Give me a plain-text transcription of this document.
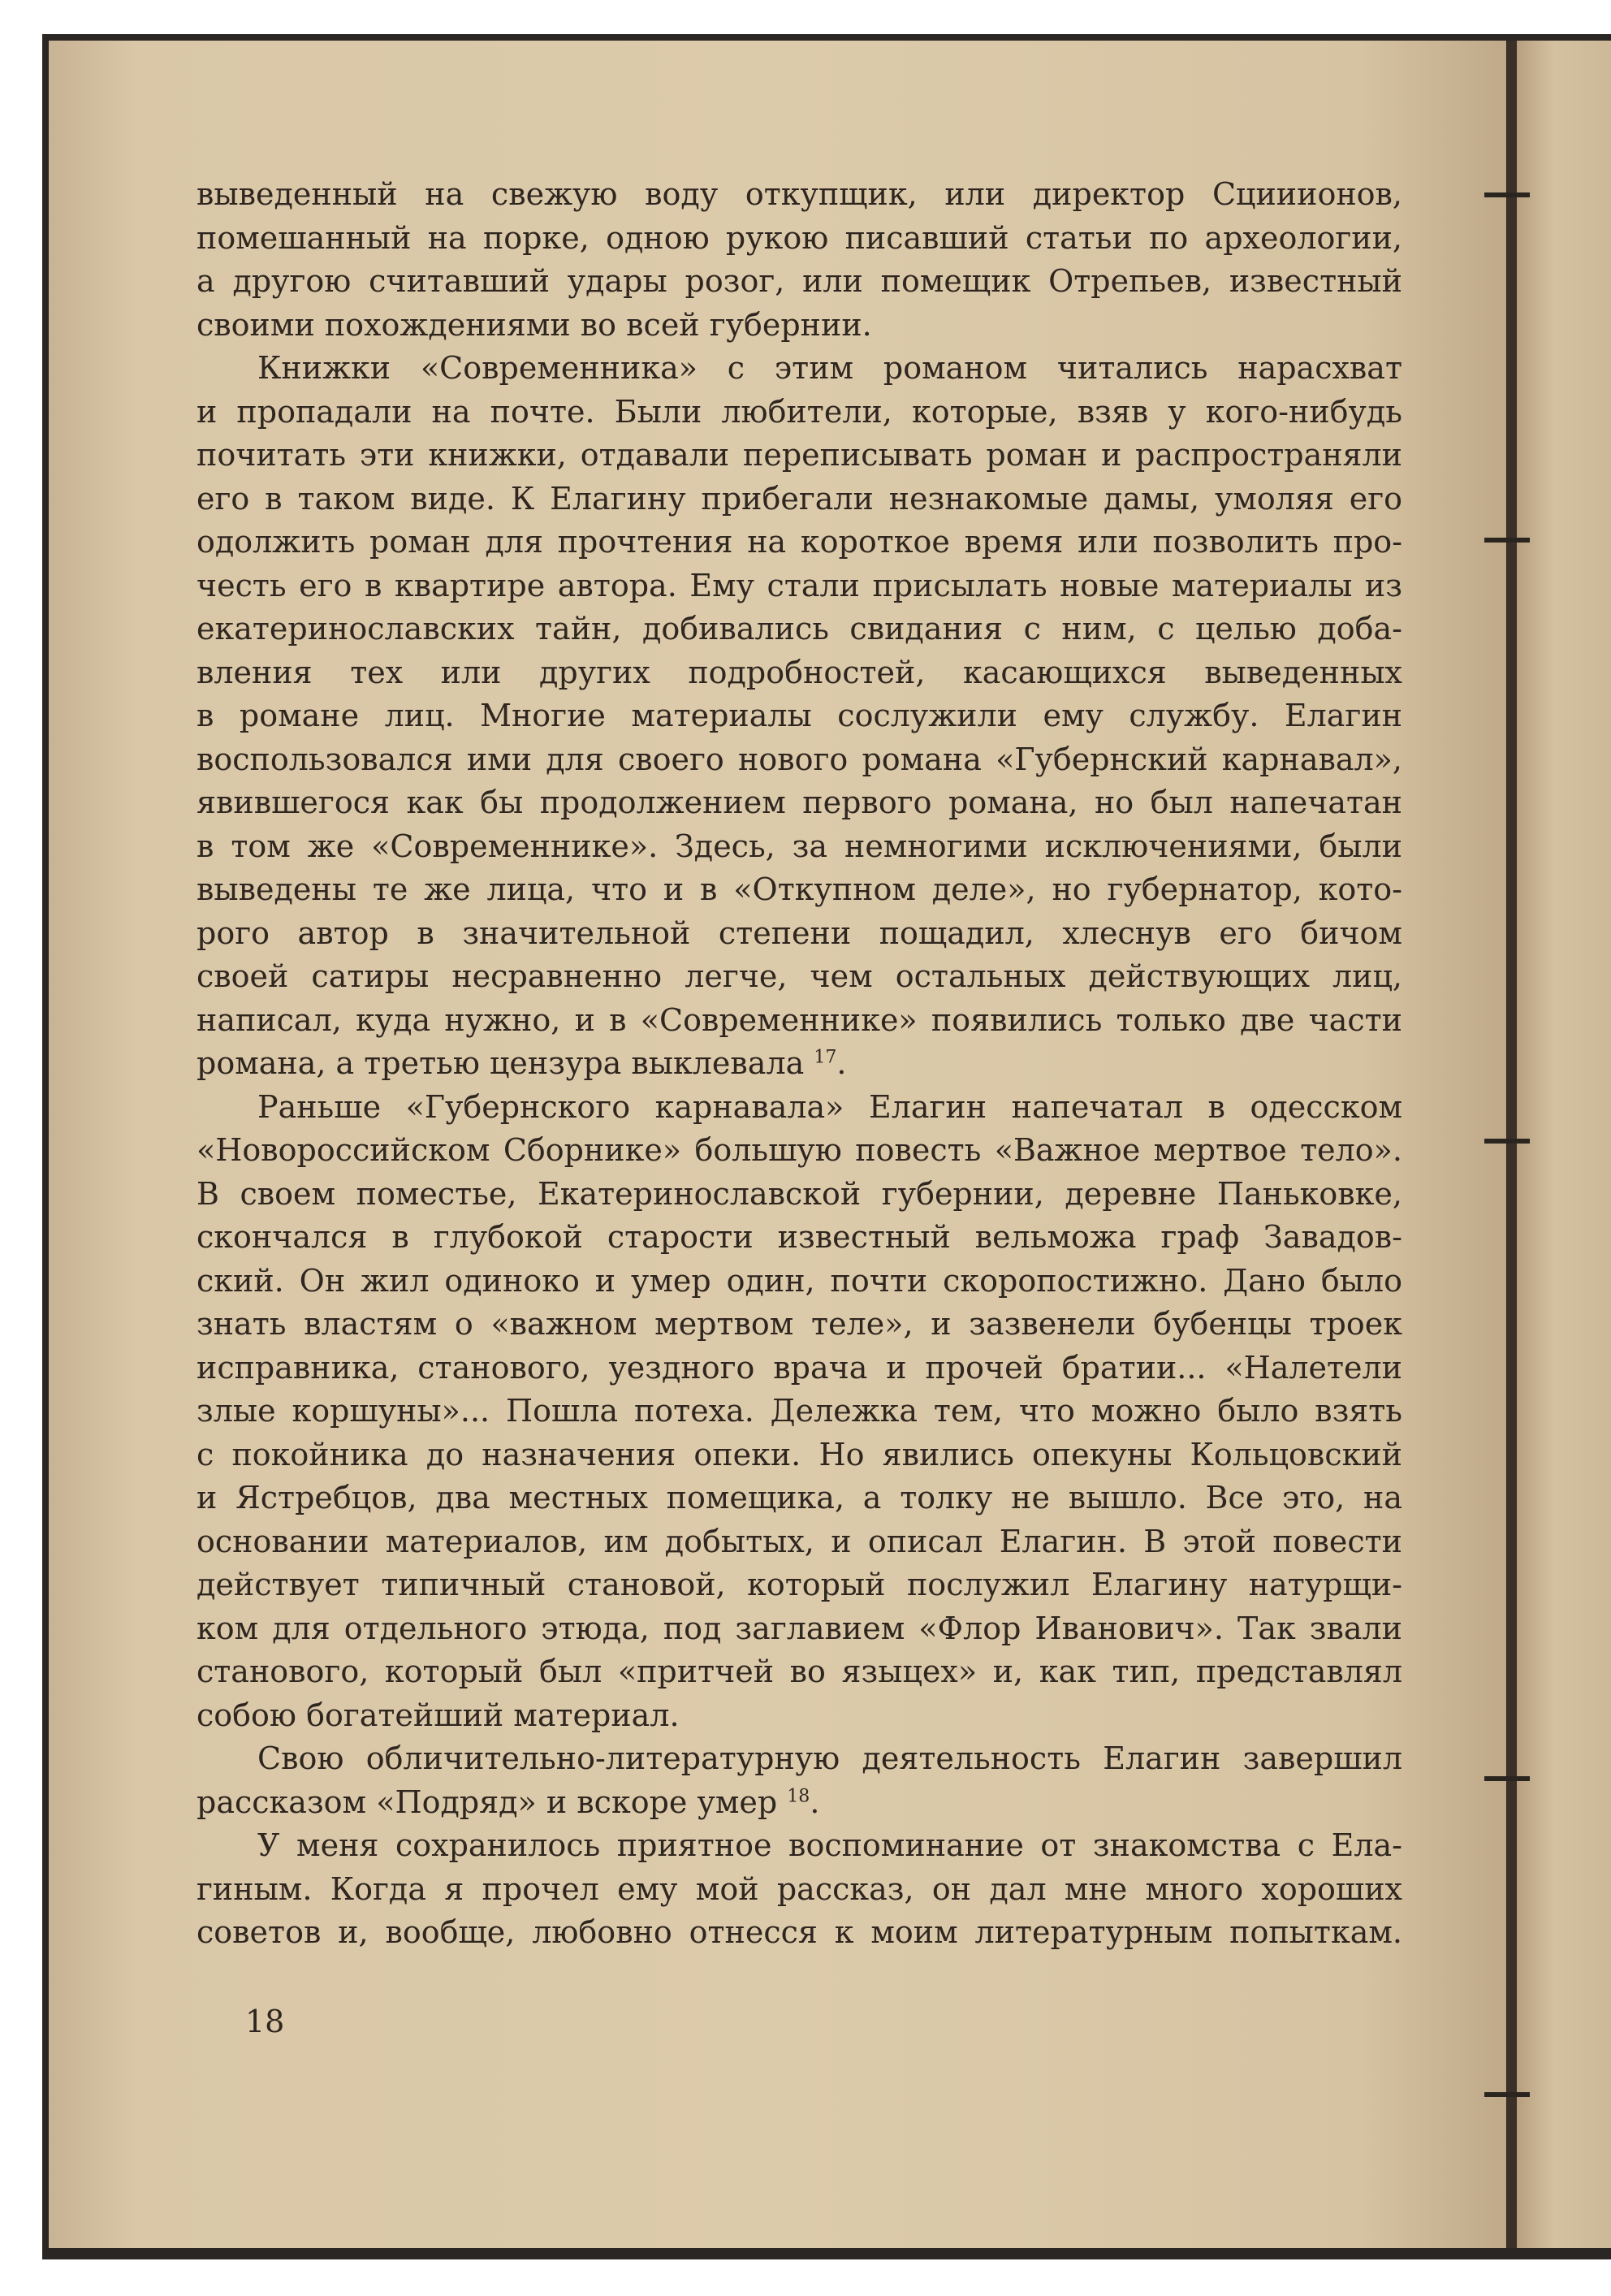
выведенный на свежую воду откупщик, или директор Сцииионов,
помешанный на порке, одною рукою писавший статьи по археологии,
а другою считавший удары розог, или помещик Отрепьев, известный
своими похождениями во всей губернии.
Книжки «Современника» с этим романом читались нарасхват
и пропадали на почте. Были любители, которые, взяв у кого-нибудь
почитать эти книжки, отдавали переписывать роман и распространяли
его в таком виде. К Елагину прибегали незнакомые дамы, умоляя его
одолжить роман для прочтения на короткое время или позволить про-
честь его в квартире автора. Ему стали присылать новые материалы из
екатеринославских тайн, добивались свидания с ним, с целью доба-
вления тех или других подробностей, касающихся выведенных
в романе лиц. Многие материалы сослужили ему службу. Елагин
воспользовался ими для своего нового романа «Губернский карнавал»,
явившегося как бы продолжением первого романа, но был напечатан
в том же «Современнике». Здесь, за немногими исключениями, были
выведены те же лица, что и в «Откупном деле», но губернатор, кото-
рого автор в значительной степени пощадил, хлеснув его бичом
своей сатиры несравненно легче, чем остальных действующих лиц,
написал, куда нужно, и в «Современнике» появились только две части
романа, а третью цензура выклевала $^{17}$.
Раньше «Губернского карнавала» Елагин напечатал в одесском
«Новороссийском Сборнике» большую повесть «Важное мертвое тело».
В своем поместье, Екатеринославской губернии, деревне Паньковке,
скончался в глубокой старости известный вельможа граф Завадов-
ский. Он жил одиноко и умер один, почти скоропостижно. Дано было
знать властям о «важном мертвом теле», и зазвенели бубенцы троек
исправника, станового, уездного врача и прочей братии... «Налетели
злые коршуны»... Пошла потеха. Дележка тем, что можно было взять
с покойника до назначения опеки. Но явились опекуны Кольцовский
и Ястребцов, два местных помещика, а толку не вышло. Все это, на
основании материалов, им добытых, и описал Елагин. В этой повести
действует типичный становой, который послужил Елагину натурщи-
ком для отдельного этюда, под заглавием «Флор Иванович». Так звали
станового, который был «притчей во языцех» и, как тип, представлял
собою богатейший материал.
Свою обличительно-литературную деятельность Елагин завершил
рассказом «Подряд» и вскоре умер $^{18}$.
У меня сохранилось приятное воспоминание от знакомства с Ела-
гиным. Когда я прочел ему мой рассказ, он дал мне много хороших
советов и, вообще, любовно отнесся к моим литературным попыткам.
18
